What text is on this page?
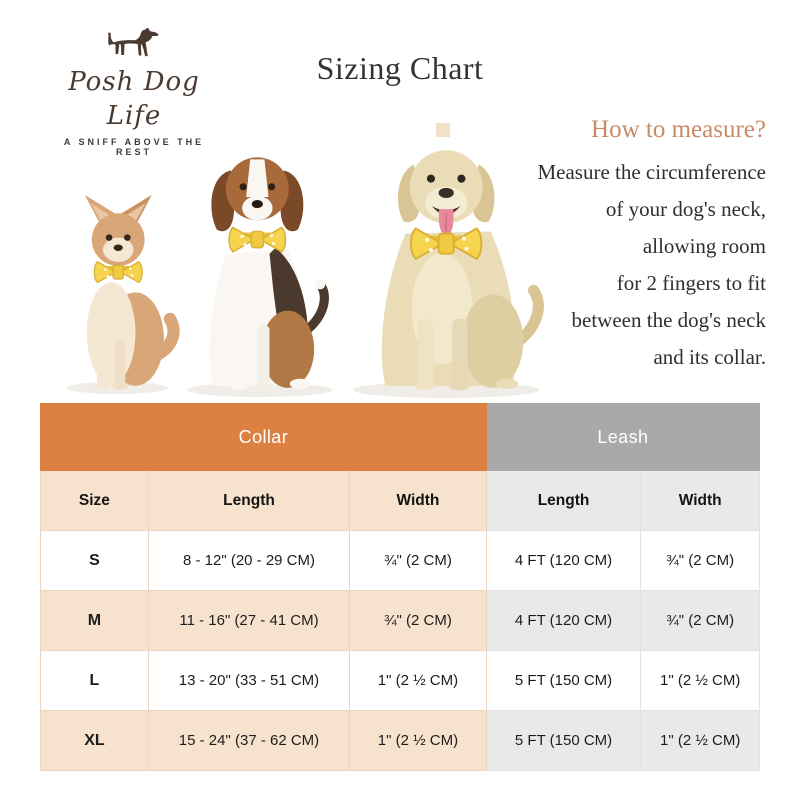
Posh Dog Life
A SNIFF ABOVE THE REST
Sizing Chart
How to measure?
Measure the circumference
of your dog's neck,
allowing room
for 2 fingers to fit
between the dog's neck
and its collar.
Collar			Leash	
Size	Length	Width	Length	Width
S	8 - 12" (20 - 29 CM)	¾" (2 CM)	4 FT (120 CM)	¾" (2 CM)
M	11 - 16" (27 - 41 CM)	¾" (2 CM)	4 FT (120 CM)	¾" (2 CM)
L	13 - 20" (33 - 51 CM)	1" (2 ½ CM)	5 FT (150 CM)	1" (2 ½ CM)
XL	15 - 24" (37 - 62 CM)	1" (2 ½ CM)	5 FT (150 CM)	1" (2 ½ CM)
